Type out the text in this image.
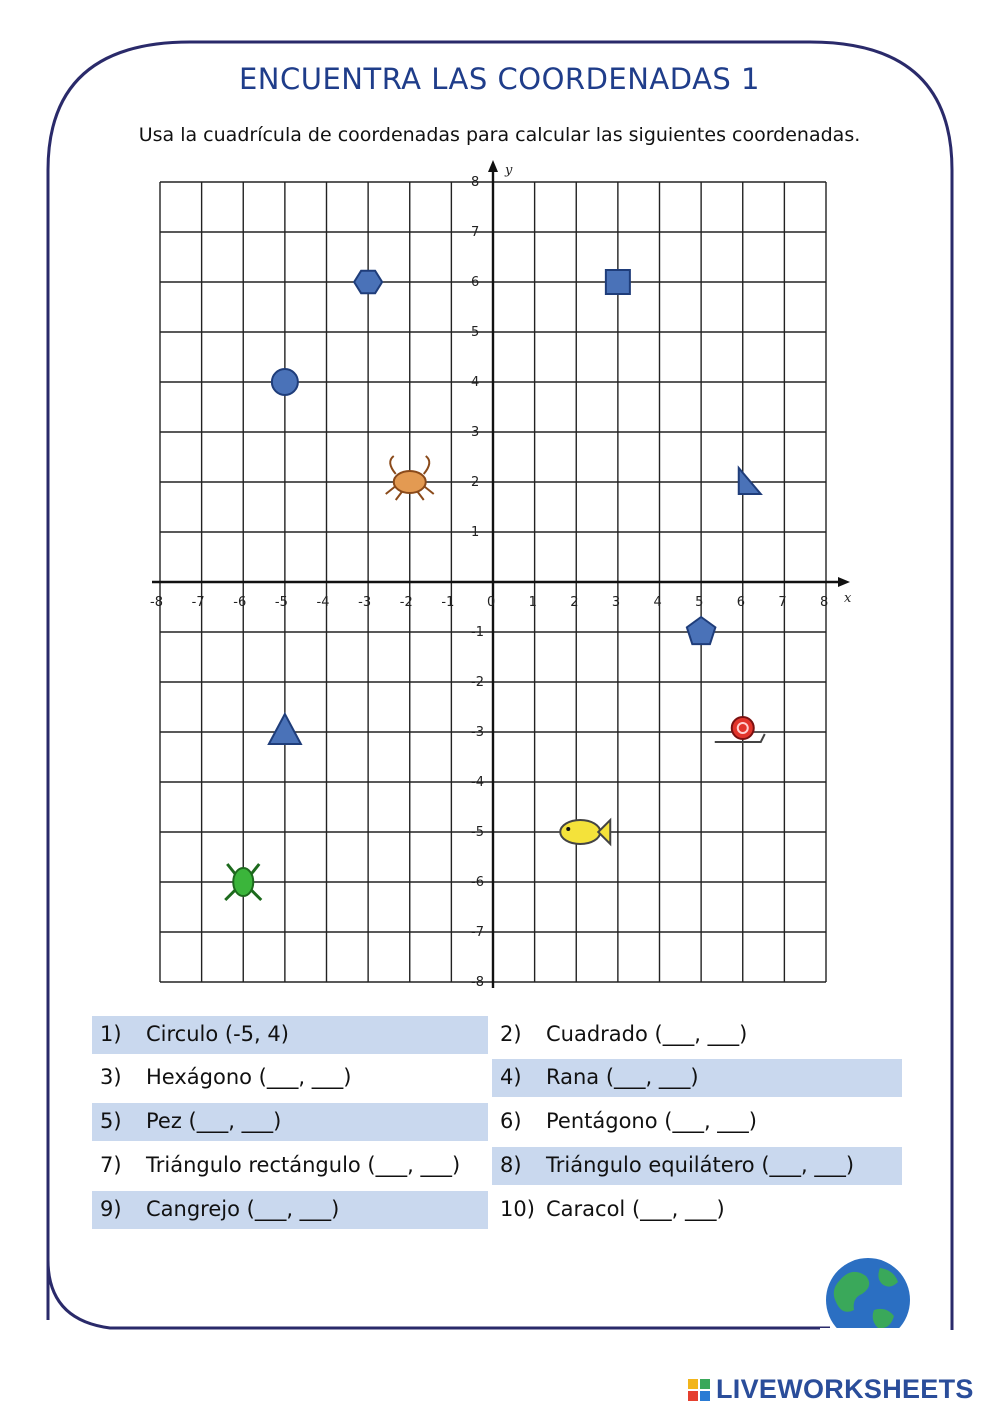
ENCUENTRA LAS COORDENADAS 1
Usa la cuadrícula de coordenadas para calcular las siguientes coordenadas.
x
y
-8 -7 -6 -5 -4 -3 -2 -1	0	1	2	3	4	5	6	7	8
8
7
6
5
4
3
2
1
-1
-2
-3
-4
-5
-6
-7
-8
1) Circulo (-5, 4)	2) Cuadrado (___, ___)
3) Hexágono (___, ___)	4) Rana (___, ___)
5) Pez (___, ___)	6) Pentágono (___, ___)
7) Triángulo rectángulo (___, ___) 8) Triángulo equilátero (___, ___)
9) Cangrejo (___, ___)	10) Caracol (___, ___)
LIVEWORKSHEETS
